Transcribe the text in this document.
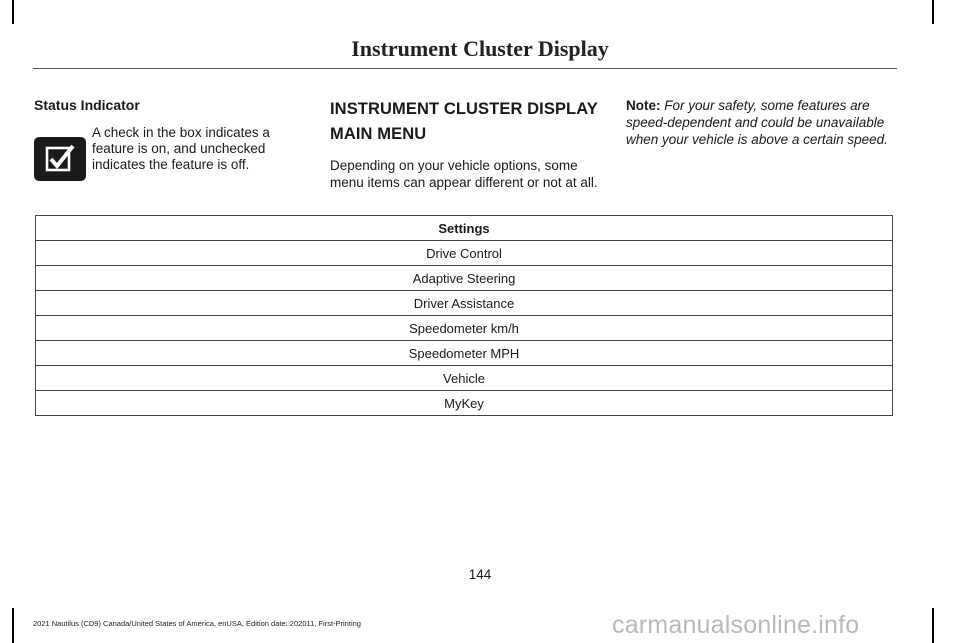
Instrument Cluster Display

Status Indicator

A check in the box indicates a feature is on, and unchecked indicates the feature is off.
INSTRUMENT CLUSTER DISPLAY
MAIN MENU
Depending on your vehicle options, some menu items can appear different or not at all.
Note: For your safety, some features are speed-dependent and could be unavailable when your vehicle is above a certain speed.
Settings
Drive Control
Adaptive Steering
Driver Assistance
Speedometer km/h
Speedometer MPH
Vehicle
MyKey
144
2021 Nautilus (CD9) Canada/United States of America, enUSA, Edition date: 202011, First-Printing	carmanualsonline.info
